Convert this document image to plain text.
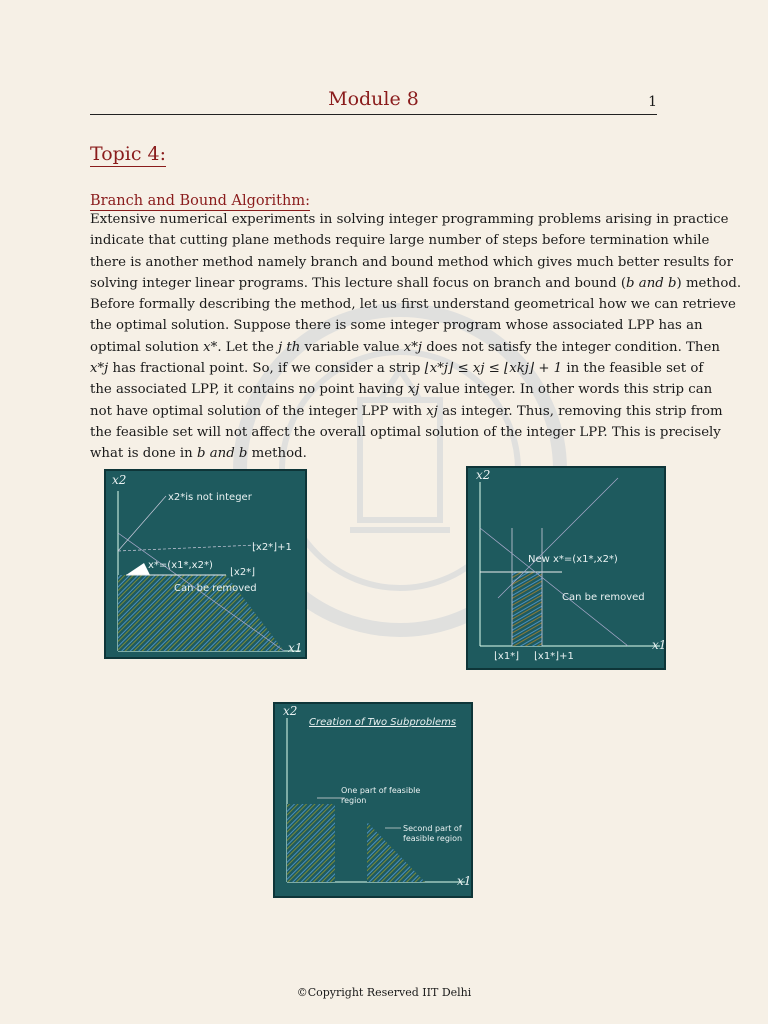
Module 8	1
Topic 4:
Branch and Bound Algorithm:
Extensive numerical experiments in solving integer programming problems arising in practice
indicate that cutting plane methods require large number of steps before termination while
there is another method namely branch and bound method which gives much better results for
solving integer linear programs. This lecture shall focus on branch and bound (b and b) method.
Before formally describing the method, let us first understand geometrical how we can retrieve
the optimal solution. Suppose there is some integer program whose associated LPP has an
optimal solution x*. Let the j th variable value x*j does not satisfy the integer condition. Then
x*j has fractional point. So, if we consider a strip ⌊x*j⌋ ≤ xj ≤ ⌊xkj⌋ + 1 in the feasible set of
the associated LPP, it contains no point having xj value integer. In other words this strip can
not have optimal solution of the integer LPP with xj as integer. Thus, removing this strip from
the feasible set will not affect the overall optimal solution of the integer LPP. This is precisely
what is done in b and b method.
x2
x1
x2*is not integer
⌊x2*⌋+1
x*=(x1*,x2*)
⌊x2*⌋
Can be removed
x2
x1
New x*=(x1*,x2*)
Can be removed
⌊x1*⌋ ⌊x1*⌋+1
x2
x1
Creation of Two Subproblems
One part of feasible
region
Second part of
feasible region
©Copyright Reserved IIT Delhi
